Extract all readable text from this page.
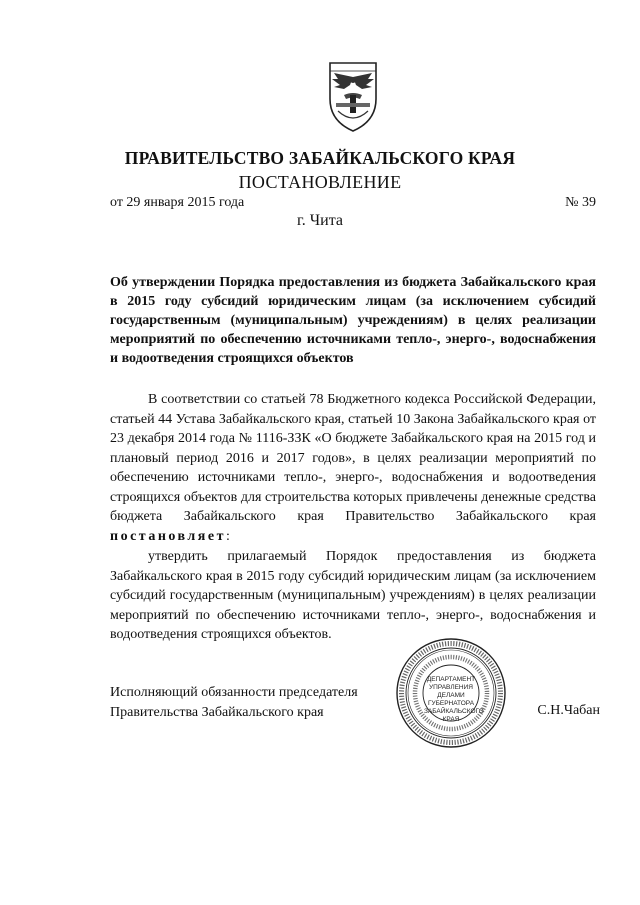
ПРАВИТЕЛЬСТВО ЗАБАЙКАЛЬСКОГО КРАЯ
ПОСТАНОВЛЕНИЕ
от 29 января 2015 года	№ 39
г. Чита
Об утверждении Порядка предоставления из бюджета Забайкальского края в 2015 году субсидий юридическим лицам (за исключением субсидий государственным (муниципальным) учреждениям) в целях реализации мероприятий по обеспечению источниками тепло-, энерго-, водоснабжения и водоотведения строящихся объектов
В соответствии со статьей 78 Бюджетного кодекса Российской Федерации, статьей 44 Устава Забайкальского края, статьей 10 Закона Забайкальского края от 23 декабря 2014 года № 1116-ЗЗК «О бюджете Забайкальского края на 2015 год и плановый период 2016 и 2017 годов», в целях реализации мероприятий по обеспечению источниками тепло-, энерго-, водоснабжения и водоотведения строящихся объектов для строительства которых привлечены денежные средства бюджета Забайкальского края Правительство Забайкальского края постановляет:
утвердить прилагаемый Порядок предоставления из бюджета Забайкальского края в 2015 году субсидий юридическим лицам (за исключением субсидий государственным (муниципальным) учреждениям) в целях реализации мероприятий по обеспечению источниками тепло-, энерго-, водоснабжения и водоотведения строящихся объектов.
Исполняющий обязанности председателя
Правительства Забайкальского края	С.Н.Чабан
ДЕПАРТАМЕНТ
УПРАВЛЕНИЯ
ДЕЛАМИ
ГУБЕРНАТОРА
ЗАБАЙКАЛЬСКОГО
КРАЯ
